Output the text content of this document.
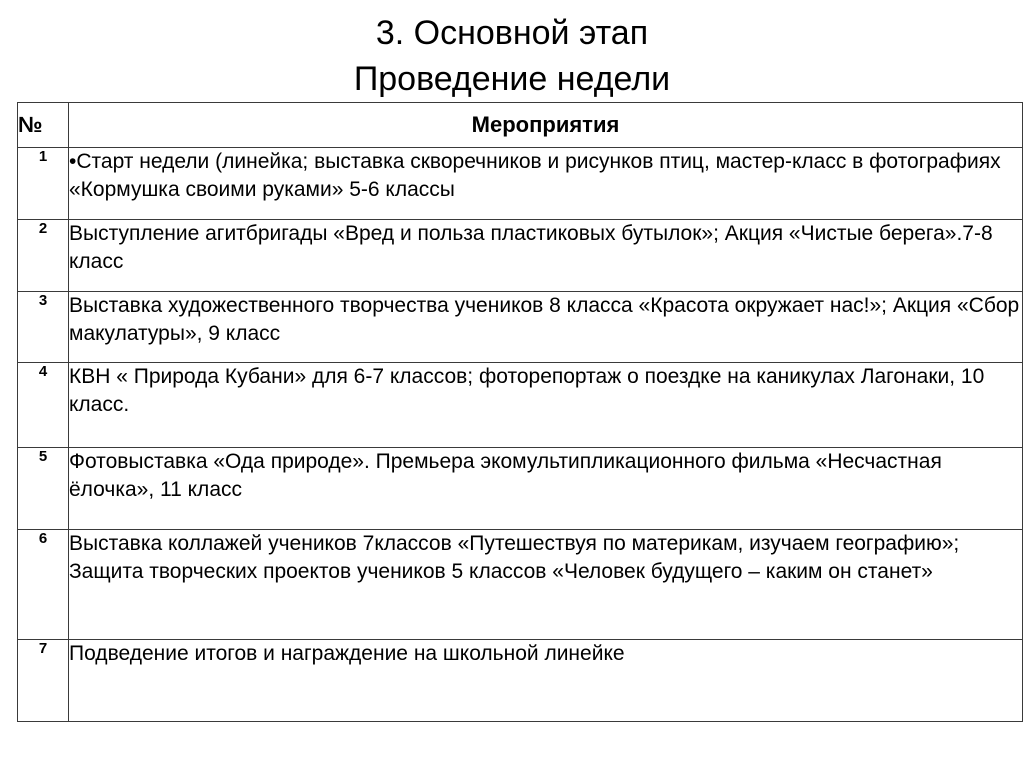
3. Основной этап
Проведение недели
№	Мероприятия
1	•Старт недели (линейка; выставка скворечников и рисунков птиц, мастер-класс в фотографиях «Кормушка своими руками» 5-6 классы
2	Выступление агитбригады «Вред и польза пластиковых бутылок»; Акция «Чистые берега».7-8 класс
3	Выставка художественного творчества учеников 8 класса «Красота окружает нас!»; Акция «Сбор макулатуры», 9 класс
4	КВН « Природа Кубани» для 6-7 классов; фоторепортаж о поездке на каникулах Лагонаки, 10 класс.
5	Фотовыставка «Ода природе». Премьера экомультипликационного фильма «Несчастная ёлочка», 11 класс
6	Выставка коллажей учеников 7классов «Путешествуя по материкам, изучаем географию»; Защита творческих проектов учеников 5 классов «Человек будущего – каким он станет»
7	Подведение итогов и награждение на школьной линейке
